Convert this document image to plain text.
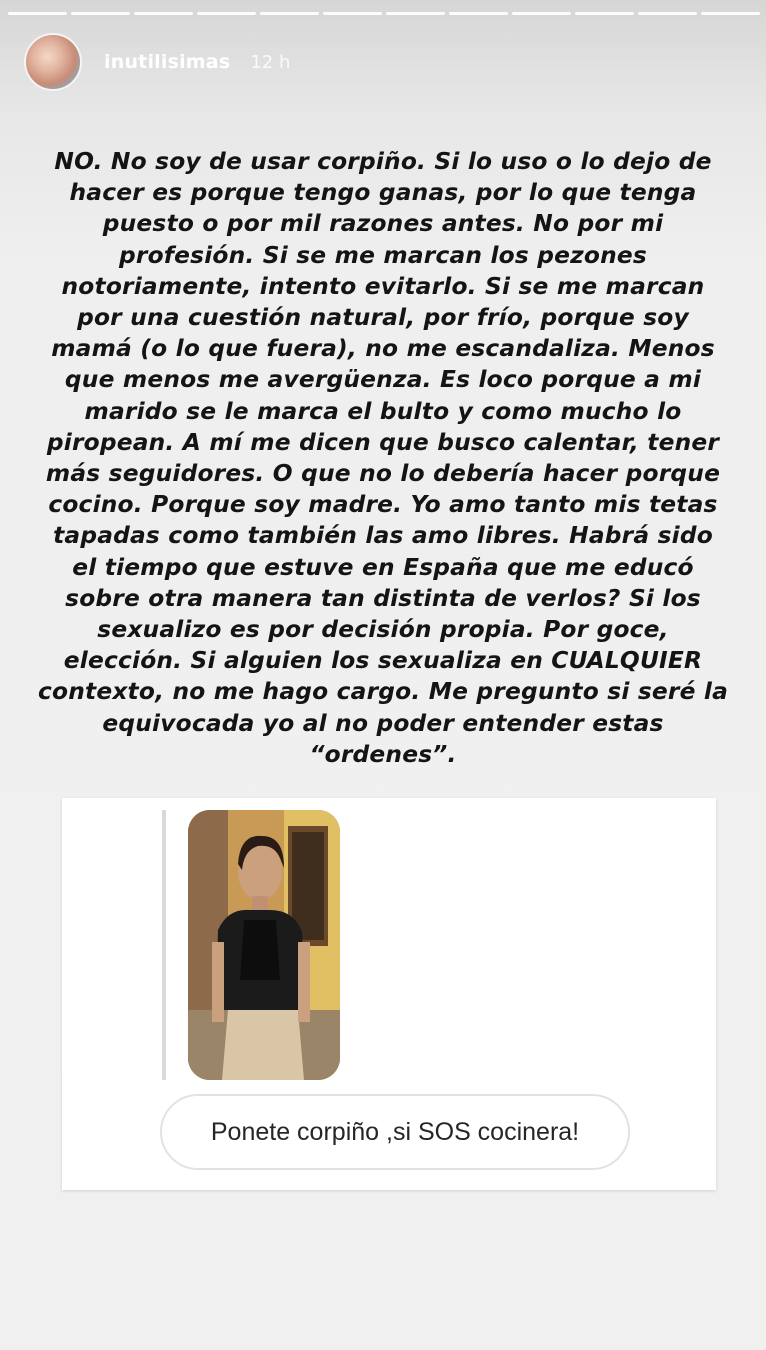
inutilisimas 12 h
NO. No soy de usar corpiño. Si lo uso o lo dejo de
hacer es porque tengo ganas, por lo que tenga
puesto o por mil razones antes. No por mi
profesión. Si se me marcan los pezones
notoriamente, intento evitarlo. Si se me marcan
por una cuestión natural, por frío, porque soy
mamá (o lo que fuera), no me escandaliza. Menos
que menos me avergüenza. Es loco porque a mi
marido se le marca el bulto y como mucho lo
piropean. A mí me dicen que busco calentar, tener
más seguidores. O que no lo debería hacer porque
cocino. Porque soy madre. Yo amo tanto mis tetas
tapadas como también las amo libres. Habrá sido
el tiempo que estuve en España que me educó
sobre otra manera tan distinta de verlos? Si los
sexualizo es por decisión propia. Por goce,
elección. Si alguien los sexualiza en CUALQUIER
contexto, no me hago cargo. Me pregunto si seré la
equivocada yo al no poder entender estas
“ordenes”.
Ponete corpiño ,si SOS cocinera!
